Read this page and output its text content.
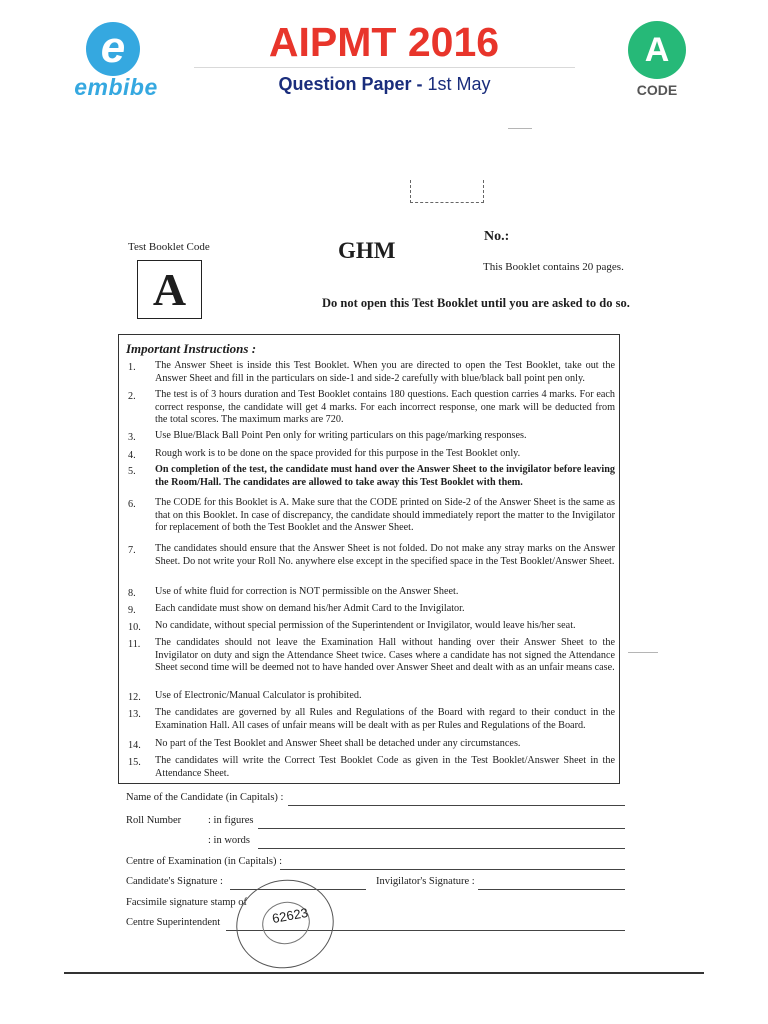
e
embibe
AIPMT 2016
Question Paper - 1st May
A
CODE
Test Booklet Code
A
GHM
No.:
This Booklet contains 20 pages.
Do not open this Test Booklet until you are asked to do so.
Important Instructions :
1.	The Answer Sheet is inside this Test Booklet. When you are directed to open the Test Booklet, take out the Answer Sheet and fill in the particulars on side-1 and side-2 carefully with blue/black ball point pen only.
2.	The test is of 3 hours duration and Test Booklet contains 180 questions. Each question carries 4 marks. For each correct response, the candidate will get 4 marks. For each incorrect response, one mark will be deducted from the total scores. The maximum marks are 720.
3.	Use Blue/Black Ball Point Pen only for writing particulars on this page/marking responses.
4.	Rough work is to be done on the space provided for this purpose in the Test Booklet only.
5.	On completion of the test, the candidate must hand over the Answer Sheet to the invigilator before leaving the Room/Hall. The candidates are allowed to take away this Test Booklet with them.
6.	The CODE for this Booklet is A. Make sure that the CODE printed on Side-2 of the Answer Sheet is the same as that on this Booklet. In case of discrepancy, the candidate should immediately report the matter to the Invigilator for replacement of both the Test Booklet and the Answer Sheet.
7.	The candidates should ensure that the Answer Sheet is not folded. Do not make any stray marks on the Answer Sheet. Do not write your Roll No. anywhere else except in the specified space in the Test Booklet/Answer Sheet.
8.	Use of white fluid for correction is NOT permissible on the Answer Sheet.
9.	Each candidate must show on demand his/her Admit Card to the Invigilator.
10.	No candidate, without special permission of the Superintendent or Invigilator, would leave his/her seat.
11.	The candidates should not leave the Examination Hall without handing over their Answer Sheet to the Invigilator on duty and sign the Attendance Sheet twice. Cases where a candidate has not signed the Attendance Sheet second time will be deemed not to have handed over Answer Sheet and dealt with as an unfair means case.
12.	Use of Electronic/Manual Calculator is prohibited.
13.	The candidates are governed by all Rules and Regulations of the Board with regard to their conduct in the Examination Hall. All cases of unfair means will be dealt with as per Rules and Regulations of the Board.
14.	No part of the Test Booklet and Answer Sheet shall be detached under any circumstances.
15.	The candidates will write the Correct Test Booklet Code as given in the Test Booklet/Answer Sheet in the Attendance Sheet.
Name of the Candidate (in Capitals) :
Roll Number	: in figures
: in words
Centre of Examination (in Capitals) :
Candidate's Signature :	Invigilator's Signature :
Facsimile signature stamp of
Centre Superintendent	62623
